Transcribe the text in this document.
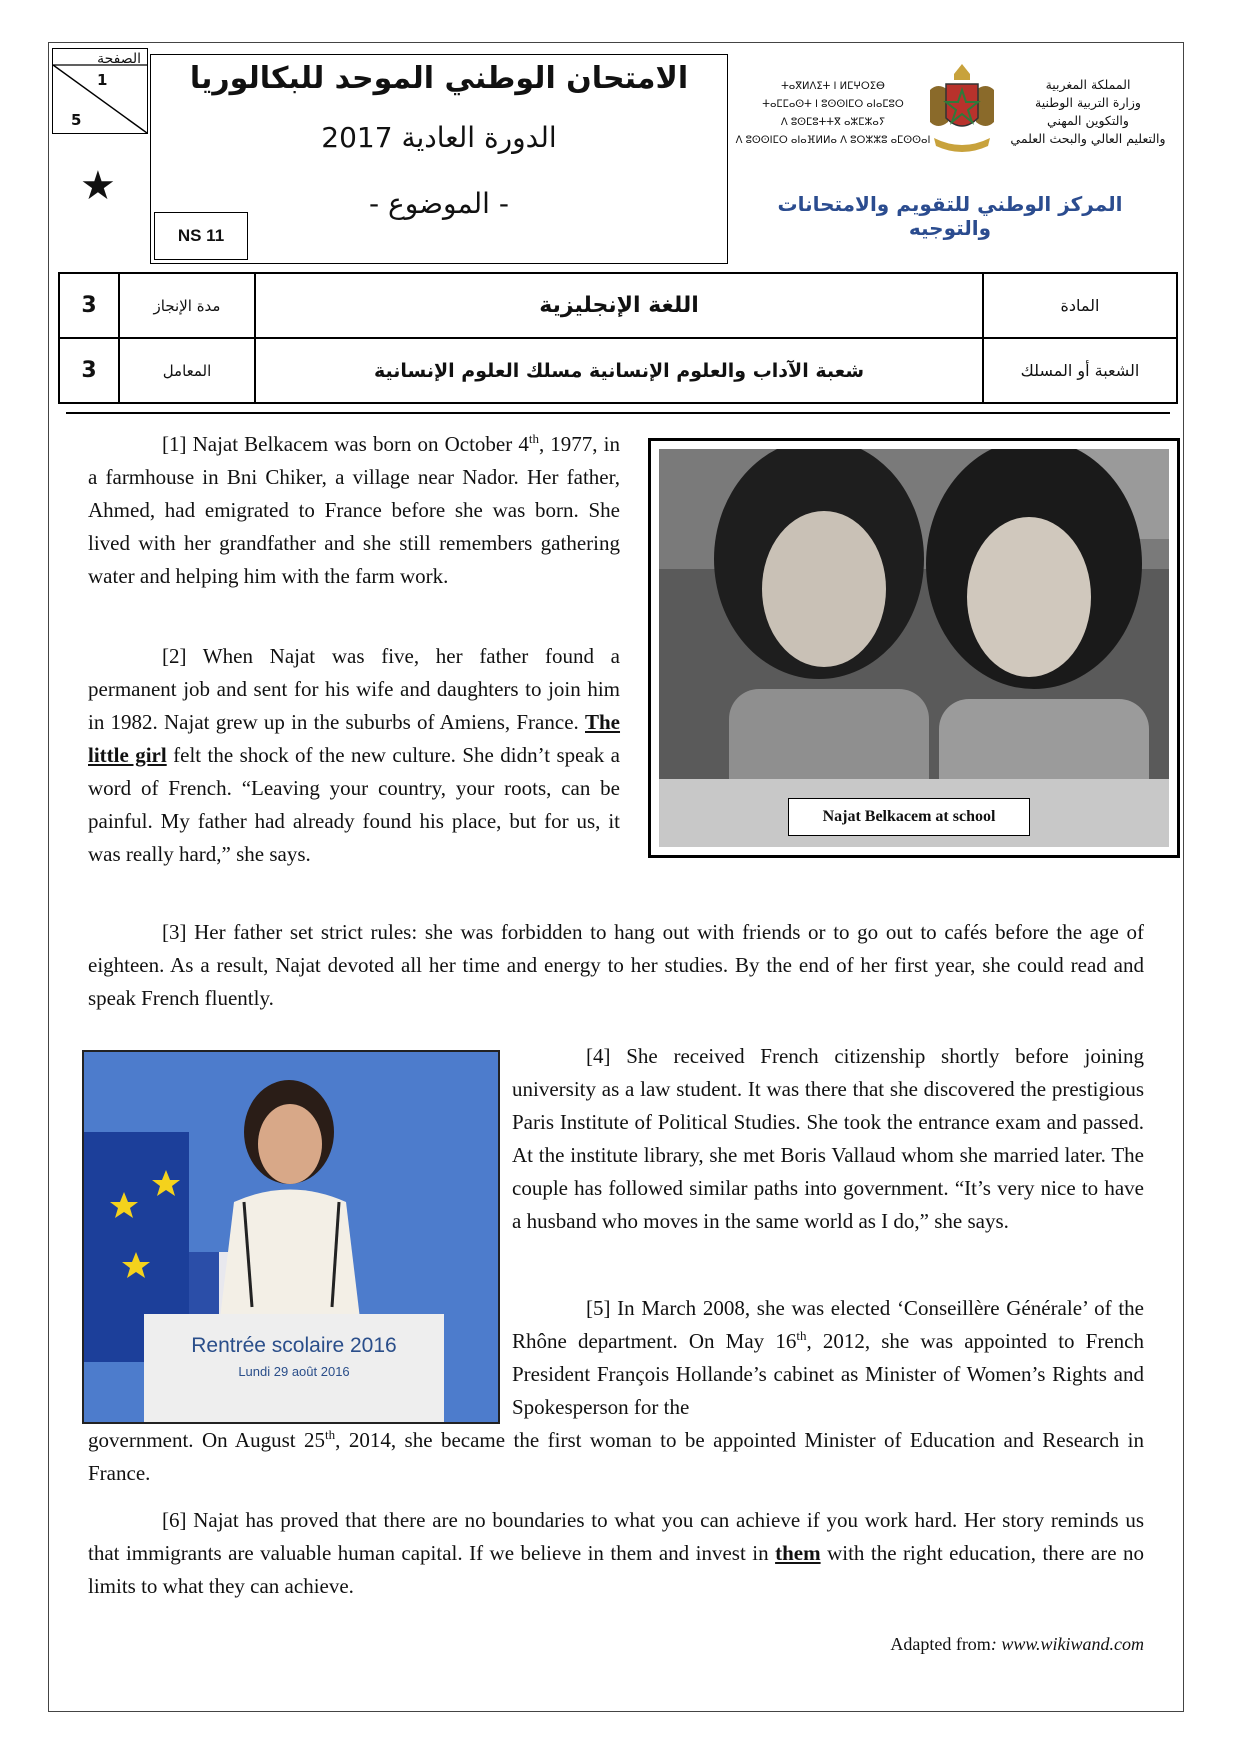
الصفحة
1
5
★
الامتحان الوطني الموحد للبكالوريا
الدورة العادية 2017
- الموضوع -
NS 11
ⵜⴰⴳⵍⴷⵉⵜ ⵏ ⵍⵎⵖⵔⵉⴱ
ⵜⴰⵎⵎⴰⵙⵜ ⵏ ⵓⵙⵙⵏⵎⵔ ⴰⵏⴰⵎⵓⵔ
ⴷ ⵓⵙⵎⵓⵜⵜⴳ ⴰⵣⵎⵣⴰⵢ
ⴷ ⵓⵙⵙⵏⵎⵔ ⴰⵏⴰⴼⵍⵍⴰ ⴷ ⵓⵔⵣⵣⵓ ⴰⵎⵙⵙⴰⵏ
المملكة المغربية
وزارة التربية الوطنية
والتكوين المهني
والتعليم العالي والبحث العلمي
المركز الوطني للتقويم والامتحانات والتوجيه
3	مدة الإنجاز	اللغة الإنجليزية	المادة
3	المعامل	شعبة الآداب والعلوم الإنسانية مسلك العلوم الإنسانية	الشعبة أو المسلك
Najat Belkacem at school

[1] Najat Belkacem was born on October 4th, 1977, in a farmhouse in Bni Chiker, a village near Nador. Her father, Ahmed, had emigrated to France before she was born. She lived with her grandfather and she still remembers gathering water and helping him with the farm work.

[2] When Najat was five, her father found a permanent job and sent for his wife and daughters to join him in 1982. Najat grew up in the suburbs of Amiens, France. The little girl felt the shock of the new culture. She didn’t speak a word of French. “Leaving your country, your roots, can be painful. My father had already found his place, but for us, it was really hard,” she says.

[3] Her father set strict rules: she was forbidden to hang out with friends or to go out to cafés before the age of eighteen. As a result, Najat devoted all her time and energy to her studies. By the end of her first year, she could read and speak French fluently.

Rentrée scolaire 2016
Lundi 29 août 2016

[4] She received French citizenship shortly before joining university as a law student. It was there that she discovered the prestigious Paris Institute of Political Studies. She took the entrance exam and passed. At the institute library, she met Boris Vallaud whom she married later. The couple has followed similar paths into government. “It’s very nice to have a husband who moves in the same world as I do,” she says.

[5] In March 2008, she was elected ‘Conseillère Générale’ of the Rhône department. On May 16th, 2012, she was appointed to French President François Hollande’s cabinet as Minister of Women’s Rights and Spokesperson for the

government. On August 25th, 2014, she became the first woman to be appointed Minister of Education and Research in France.

[6] Najat has proved that there are no boundaries to what you can achieve if you work hard. Her story reminds us that immigrants are valuable human capital. If we believe in them and invest in them with the right education, there are no limits to what they can achieve.

Adapted from: www.wikiwand.com
